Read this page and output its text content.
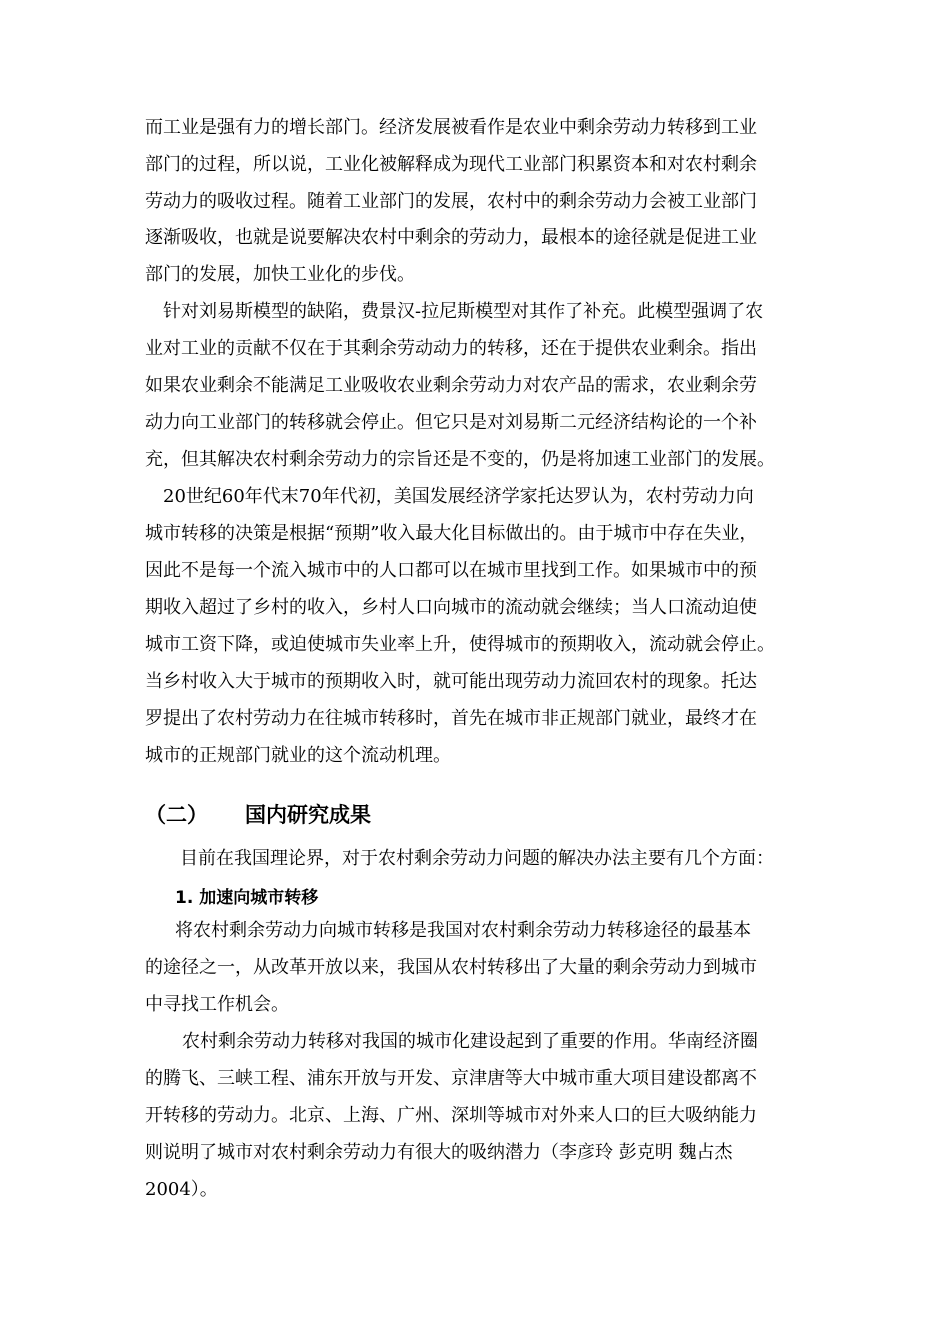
而工业是强有力的增长部门。经济发展被看作是农业中剩余劳动力转移到工业
部门的过程，所以说，工业化被解释成为现代工业部门积累资本和对农村剩余
劳动力的吸收过程。随着工业部门的发展，农村中的剩余劳动力会被工业部门
逐渐吸收，也就是说要解决农村中剩余的劳动力，最根本的途径就是促进工业
部门的发展，加快工业化的步伐。
针对刘易斯模型的缺陷，费景汉-拉尼斯模型对其作了补充。此模型强调了农
业对工业的贡献不仅在于其剩余劳动动力的转移，还在于提供农业剩余。指出
如果农业剩余不能满足工业吸收农业剩余劳动力对农产品的需求，农业剩余劳
动力向工业部门的转移就会停止。但它只是对刘易斯二元经济结构论的一个补
充，但其解决农村剩余劳动力的宗旨还是不变的，仍是将加速工业部门的发展。
20世纪60年代末70年代初，美国发展经济学家托达罗认为，农村劳动力向
城市转移的决策是根据“预期”收入最大化目标做出的。由于城市中存在失业，
因此不是每一个流入城市中的人口都可以在城市里找到工作。如果城市中的预
期收入超过了乡村的收入，乡村人口向城市的流动就会继续；当人口流动迫使
城市工资下降，或迫使城市失业率上升，使得城市的预期收入，流动就会停止。
当乡村收入大于城市的预期收入时，就可能出现劳动力流回农村的现象。托达
罗提出了农村劳动力在往城市转移时，首先在城市非正规部门就业，最终才在
城市的正规部门就业的这个流动机理。
（二） 国内研究成果
目前在我国理论界，对于农村剩余劳动力问题的解决办法主要有几个方面：
1. 加速向城市转移
将农村剩余劳动力向城市转移是我国对农村剩余劳动力转移途径的最基本
的途径之一，从改革开放以来，我国从农村转移出了大量的剩余劳动力到城市
中寻找工作机会。
农村剩余劳动力转移对我国的城市化建设起到了重要的作用。华南经济圈
的腾飞、三峡工程、浦东开放与开发、京津唐等大中城市重大项目建设都离不
开转移的劳动力。北京、上海、广州、深圳等城市对外来人口的巨大吸纳能力
则说明了城市对农村剩余劳动力有很大的吸纳潜力（李彦玲 彭克明 魏占杰
2004）。
